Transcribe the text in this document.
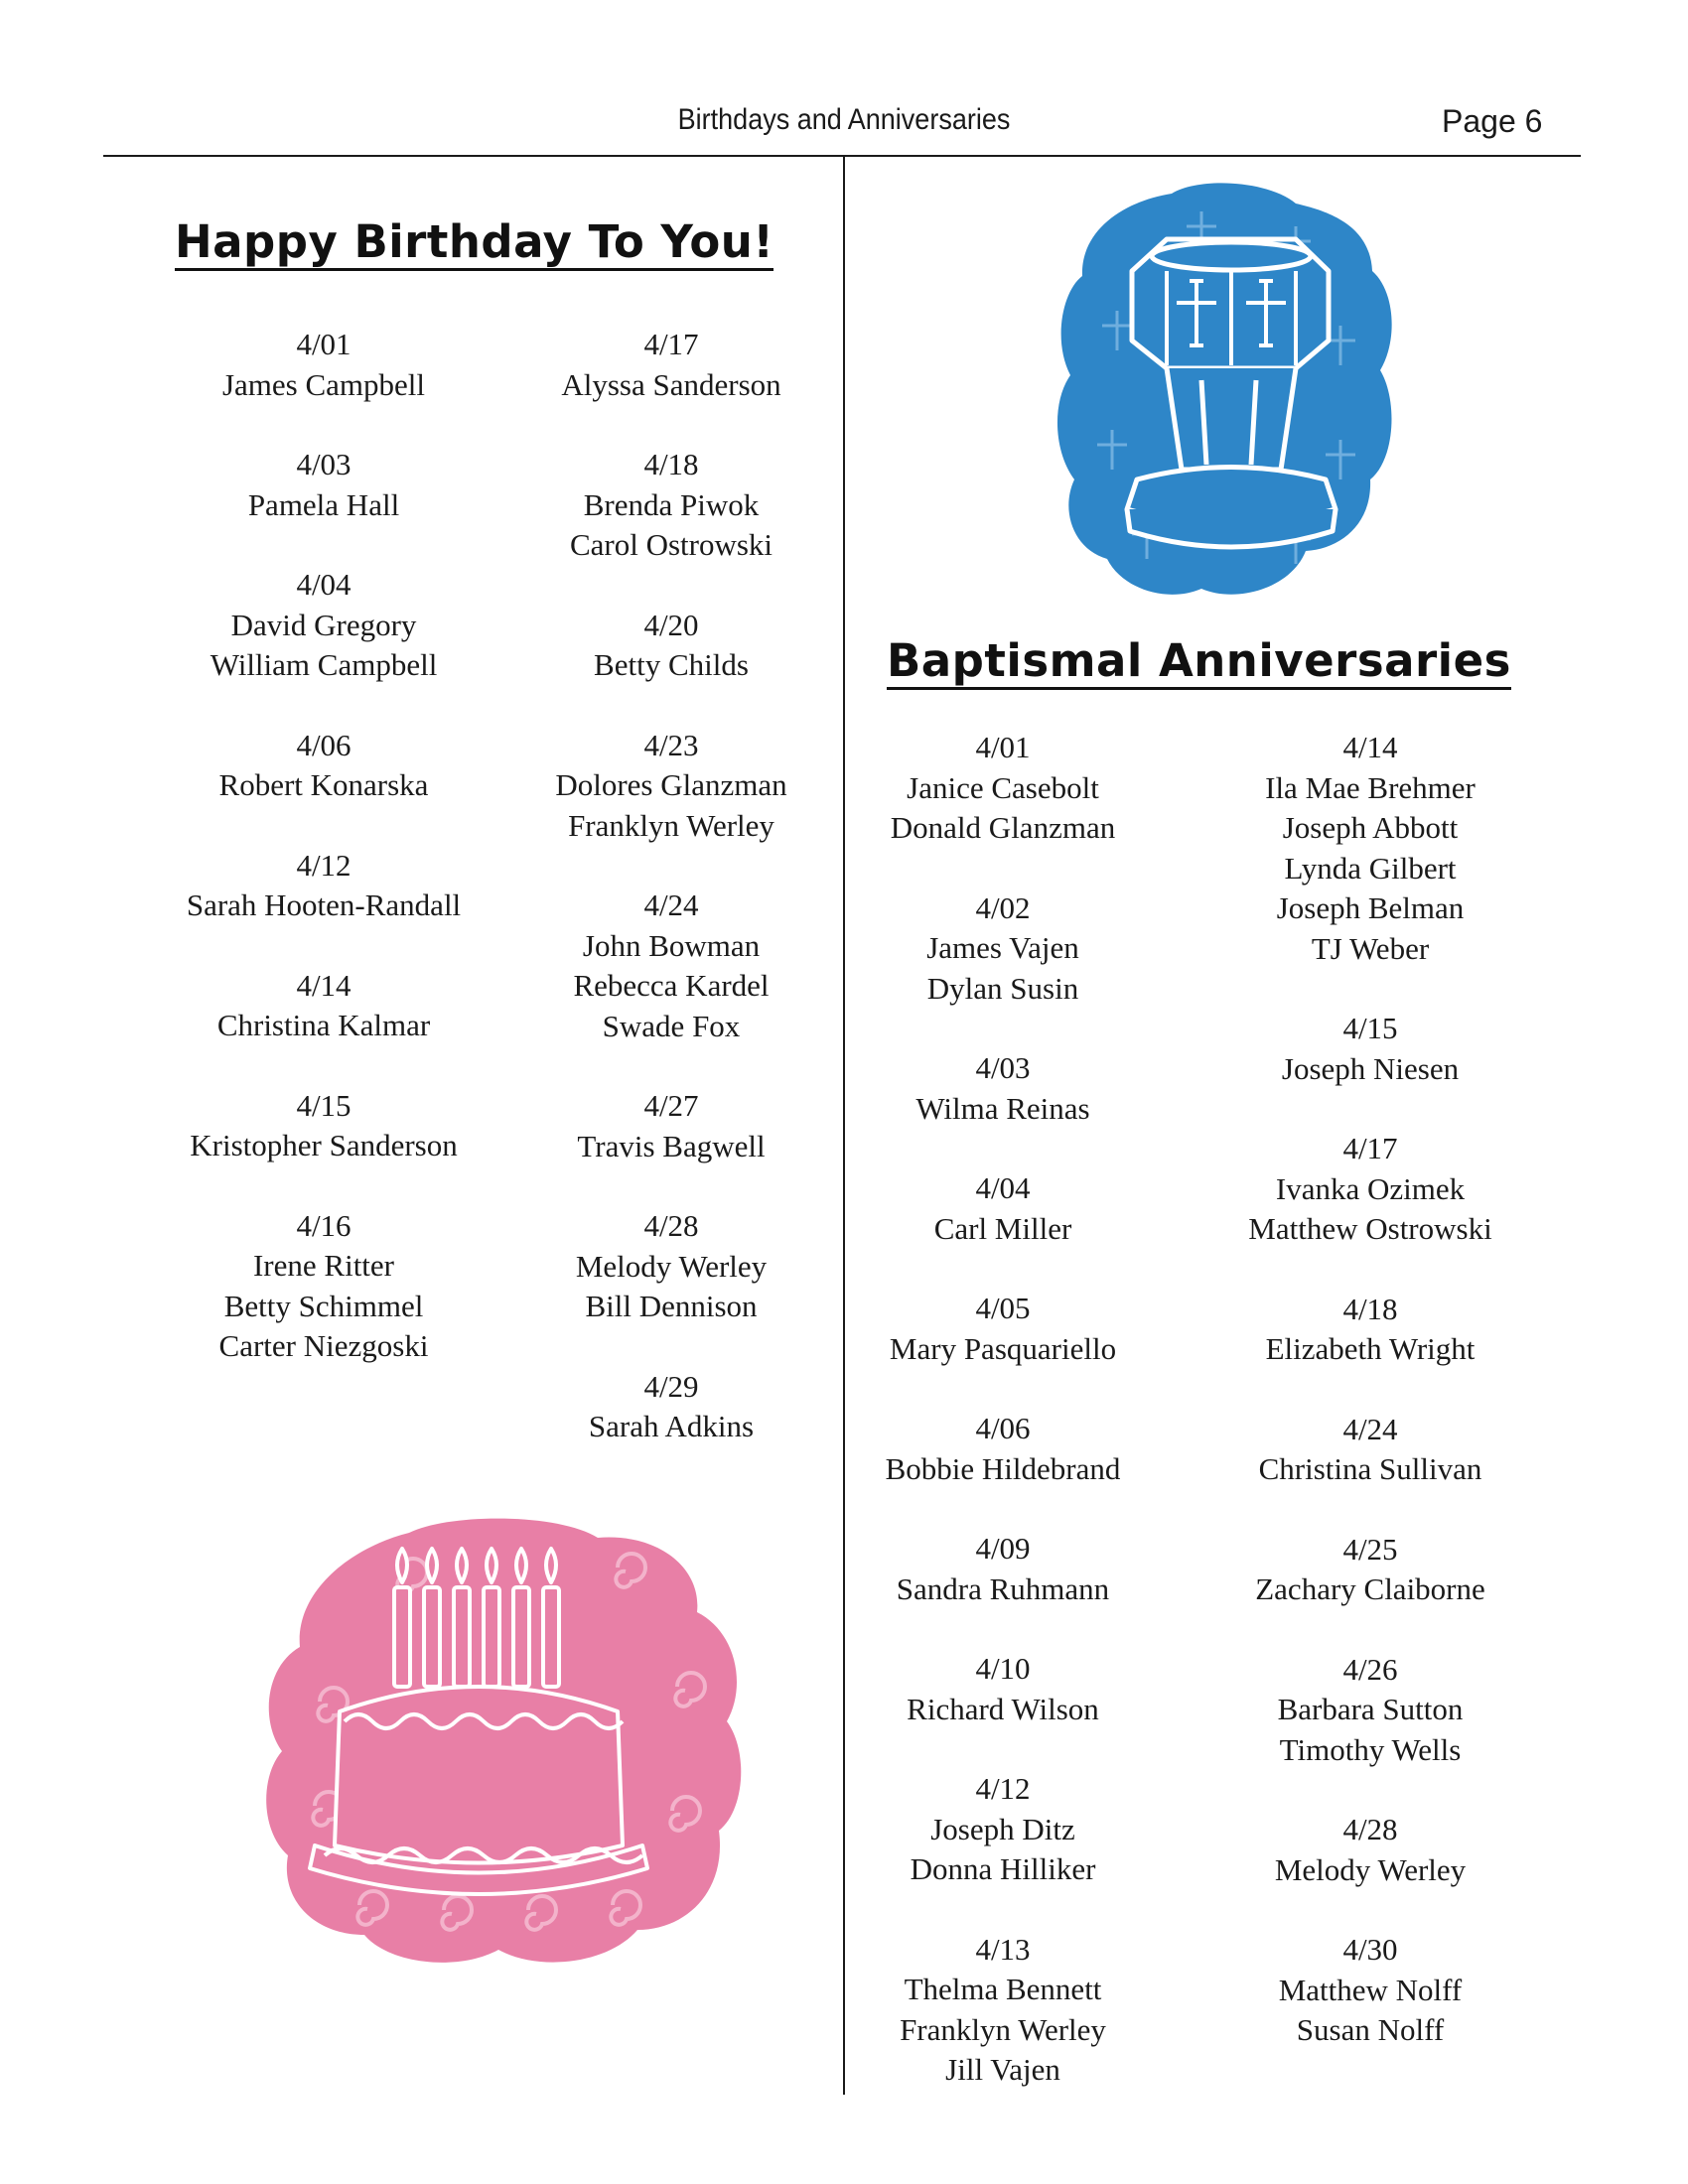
Birthdays and Anniversaries	Page 6
Happy Birthday To You!
4/01
James Campbell
4/03
Pamela Hall
4/04
David Gregory
William Campbell
4/06
Robert Konarska
4/12
Sarah Hooten-Randall
4/14
Christina Kalmar
4/15
Kristopher Sanderson
4/16
Irene Ritter
Betty Schimmel
Carter Niezgoski
4/17
Alyssa Sanderson
4/18
Brenda Piwok
Carol Ostrowski
4/20
Betty Childs
4/23
Dolores Glanzman
Franklyn Werley
4/24
John Bowman
Rebecca Kardel
Swade Fox
4/27
Travis Bagwell
4/28
Melody Werley
Bill Dennison
4/29
Sarah Adkins
Baptismal Anniversaries
4/01
Janice Casebolt
Donald Glanzman
4/02
James Vajen
Dylan Susin
4/03
Wilma Reinas
4/04
Carl Miller
4/05
Mary Pasquariello
4/06
Bobbie Hildebrand
4/09
Sandra Ruhmann
4/10
Richard Wilson
4/12
Joseph Ditz
Donna Hilliker
4/13
Thelma Bennett
Franklyn Werley
Jill Vajen
4/14
Ila Mae Brehmer
Joseph Abbott
Lynda Gilbert
Joseph Belman
TJ Weber
4/15
Joseph Niesen
4/17
Ivanka Ozimek
Matthew Ostrowski
4/18
Elizabeth Wright
4/24
Christina Sullivan
4/25
Zachary Claiborne
4/26
Barbara Sutton
Timothy Wells
4/28
Melody Werley
4/30
Matthew Nolff
Susan Nolff
